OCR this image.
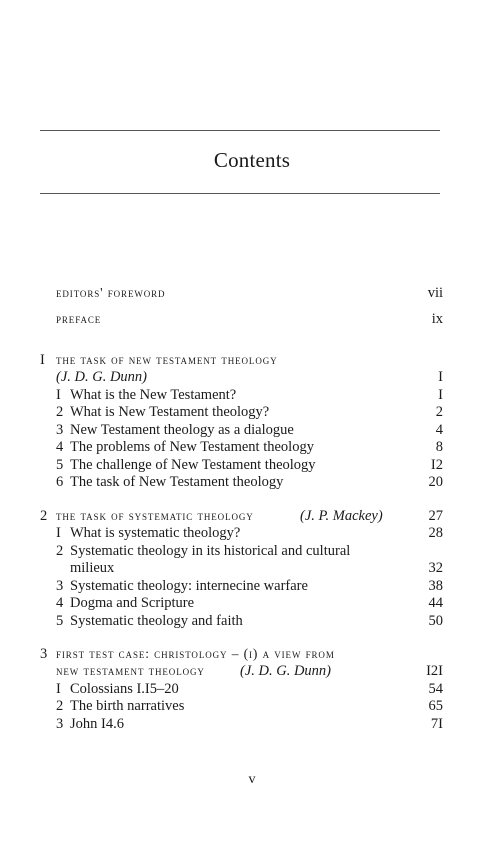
Contents
editors' foreword	vii
preface	ix
I the task of new testament theology
(J. D. G. Dunn)	I
I What is the New Testament?	I
2 What is New Testament theology?	2
3 New Testament theology as a dialogue	4
4 The problems of New Testament theology	8
5 The challenge of New Testament theology	I2
6 The task of New Testament theology	20
2 the task of systematic theology	(J. P. Mackey)	27
I What is systematic theology?	28
2 Systematic theology in its historical and cultural
milieux	32
3 Systematic theology: internecine warfare	38
4 Dogma and Scripture	44
5 Systematic theology and faith	50
3 first test case: christology – (i) a view from
new testament theology (J. D. G. Dunn)	I2I
I Colossians I.I5–20	54
2 The birth narratives	65
3 John I4.6	7I
v
